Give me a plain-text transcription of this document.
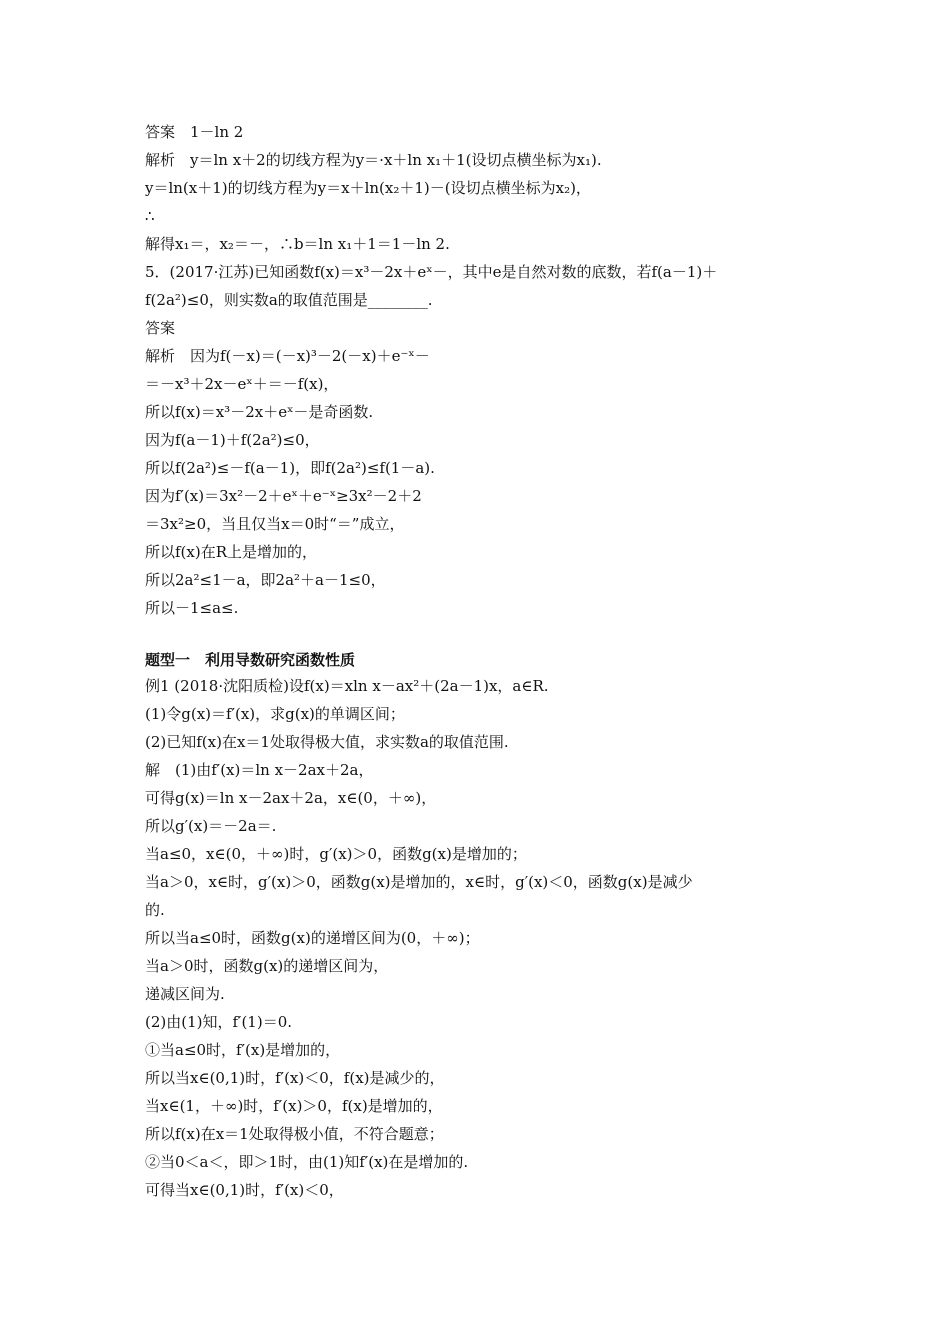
答案　1－ln 2
解析　y＝ln x＋2的切线方程为y＝·x＋ln x₁＋1(设切点横坐标为x₁).
y＝ln(x＋1)的切线方程为y＝x＋ln(x₂＋1)－(设切点横坐标为x₂)，
∴
解得x₁＝，x₂＝－，∴b＝ln x₁＋1＝1－ln 2.
5．(2017·江苏)已知函数f(x)＝x³－2x＋eˣ－，其中e是自然对数的底数，若f(a－1)＋
f(2a²)≤0，则实数a的取值范围是________.
答案
解析　因为f(－x)＝(－x)³－2(－x)＋e⁻ˣ－
＝－x³＋2x－eˣ＋＝－f(x)，
所以f(x)＝x³－2x＋eˣ－是奇函数.
因为f(a－1)＋f(2a²)≤0，
所以f(2a²)≤－f(a－1)，即f(2a²)≤f(1－a).
因为f′(x)＝3x²－2＋eˣ＋e⁻ˣ≥3x²－2＋2
＝3x²≥0，当且仅当x＝0时“＝”成立，
所以f(x)在R上是增加的，
所以2a²≤1－a，即2a²＋a－1≤0，
所以－1≤a≤.
题型一　利用导数研究函数性质
例1 (2018·沈阳质检)设f(x)＝xln x－ax²＋(2a－1)x，a∈R.
(1)令g(x)＝f′(x)，求g(x)的单调区间；
(2)已知f(x)在x＝1处取得极大值，求实数a的取值范围.
解　(1)由f′(x)＝ln x－2ax＋2a，
可得g(x)＝ln x－2ax＋2a，x∈(0，＋∞)，
所以g′(x)＝－2a＝.
当a≤0，x∈(0，＋∞)时，g′(x)＞0，函数g(x)是增加的；
当a＞0，x∈时，g′(x)＞0，函数g(x)是增加的，x∈时，g′(x)＜0，函数g(x)是减少
的.
所以当a≤0时，函数g(x)的递增区间为(0，＋∞)；
当a＞0时，函数g(x)的递增区间为，
递减区间为.
(2)由(1)知，f′(1)＝0.
①当a≤0时，f′(x)是增加的，
所以当x∈(0,1)时，f′(x)＜0，f(x)是减少的，
当x∈(1，＋∞)时，f′(x)＞0，f(x)是增加的，
所以f(x)在x＝1处取得极小值，不符合题意；
②当0＜a＜，即＞1时，由(1)知f′(x)在是增加的.
可得当x∈(0,1)时，f′(x)＜0，
